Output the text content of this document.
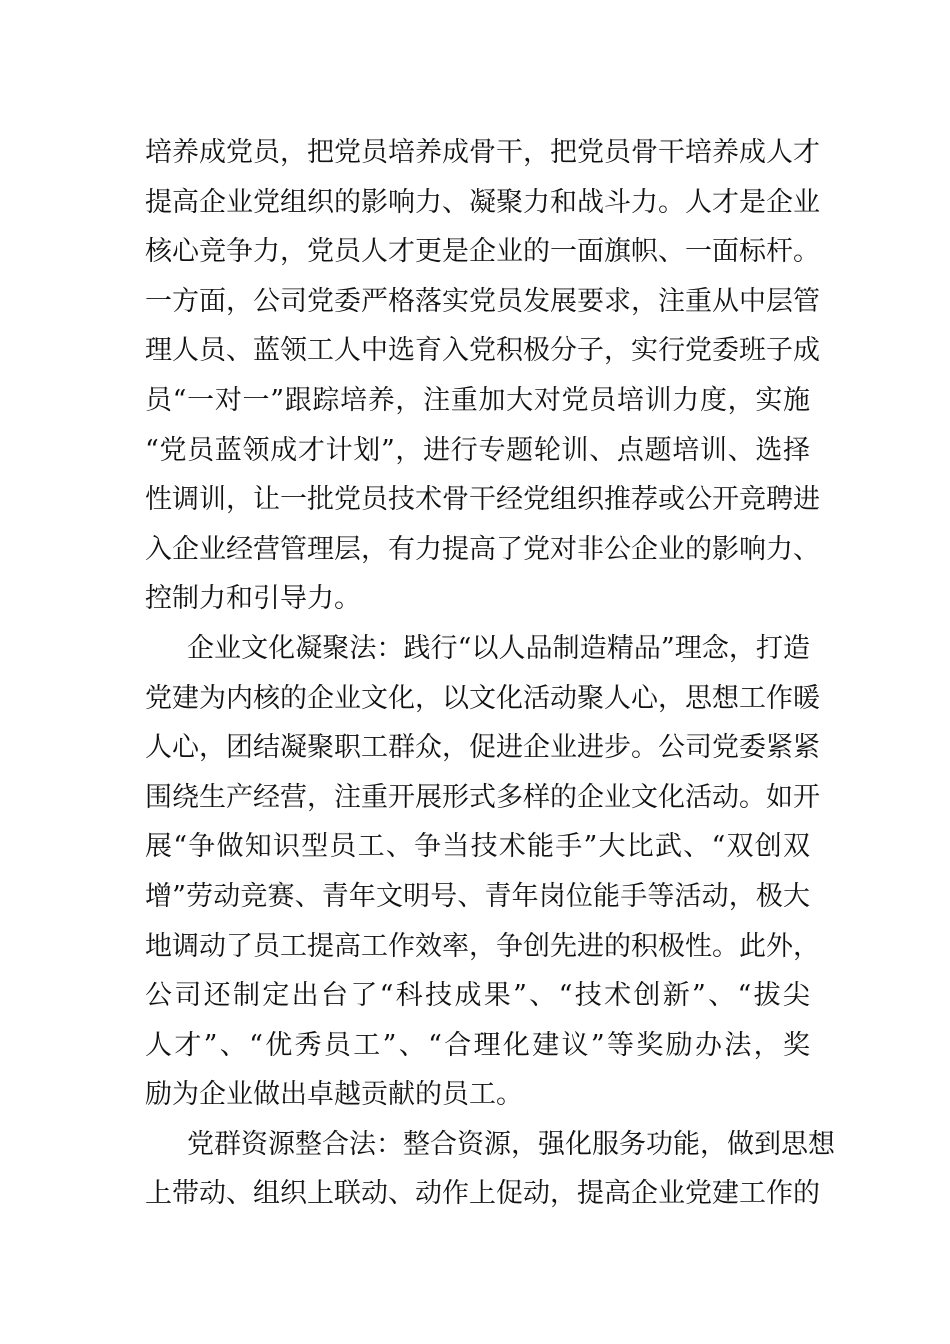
培养成党员，把党员培养成骨干，把党员骨干培养成人才
提高企业党组织的影响力、凝聚力和战斗力。人才是企业
核心竞争力，党员人才更是企业的一面旗帜、一面标杆。
一方面，公司党委严格落实党员发展要求，注重从中层管
理人员、蓝领工人中选育入党积极分子，实行党委班子成
员“一对一”跟踪培养，注重加大对党员培训力度，实施
“党员蓝领成才计划”，进行专题轮训、点题培训、选择
性调训，让一批党员技术骨干经党组织推荐或公开竞聘进
入企业经营管理层，有力提高了党对非公企业的影响力、
控制力和引导力。
企业文化凝聚法：践行“以人品制造精品”理念，打造
党建为内核的企业文化，以文化活动聚人心，思想工作暖
人心，团结凝聚职工群众，促进企业进步。公司党委紧紧
围绕生产经营，注重开展形式多样的企业文化活动。如开
展“争做知识型员工、争当技术能手”大比武、“双创双
增”劳动竞赛、青年文明号、青年岗位能手等活动，极大
地调动了员工提高工作效率，争创先进的积极性。此外，
公司还制定出台了“科技成果”、“技术创新”、“拔尖
人才”、“优秀员工”、“合理化建议”等奖励办法，奖
励为企业做出卓越贡献的员工。
党群资源整合法：整合资源，强化服务功能，做到思想
上带动、组织上联动、动作上促动，提高企业党建工作的
